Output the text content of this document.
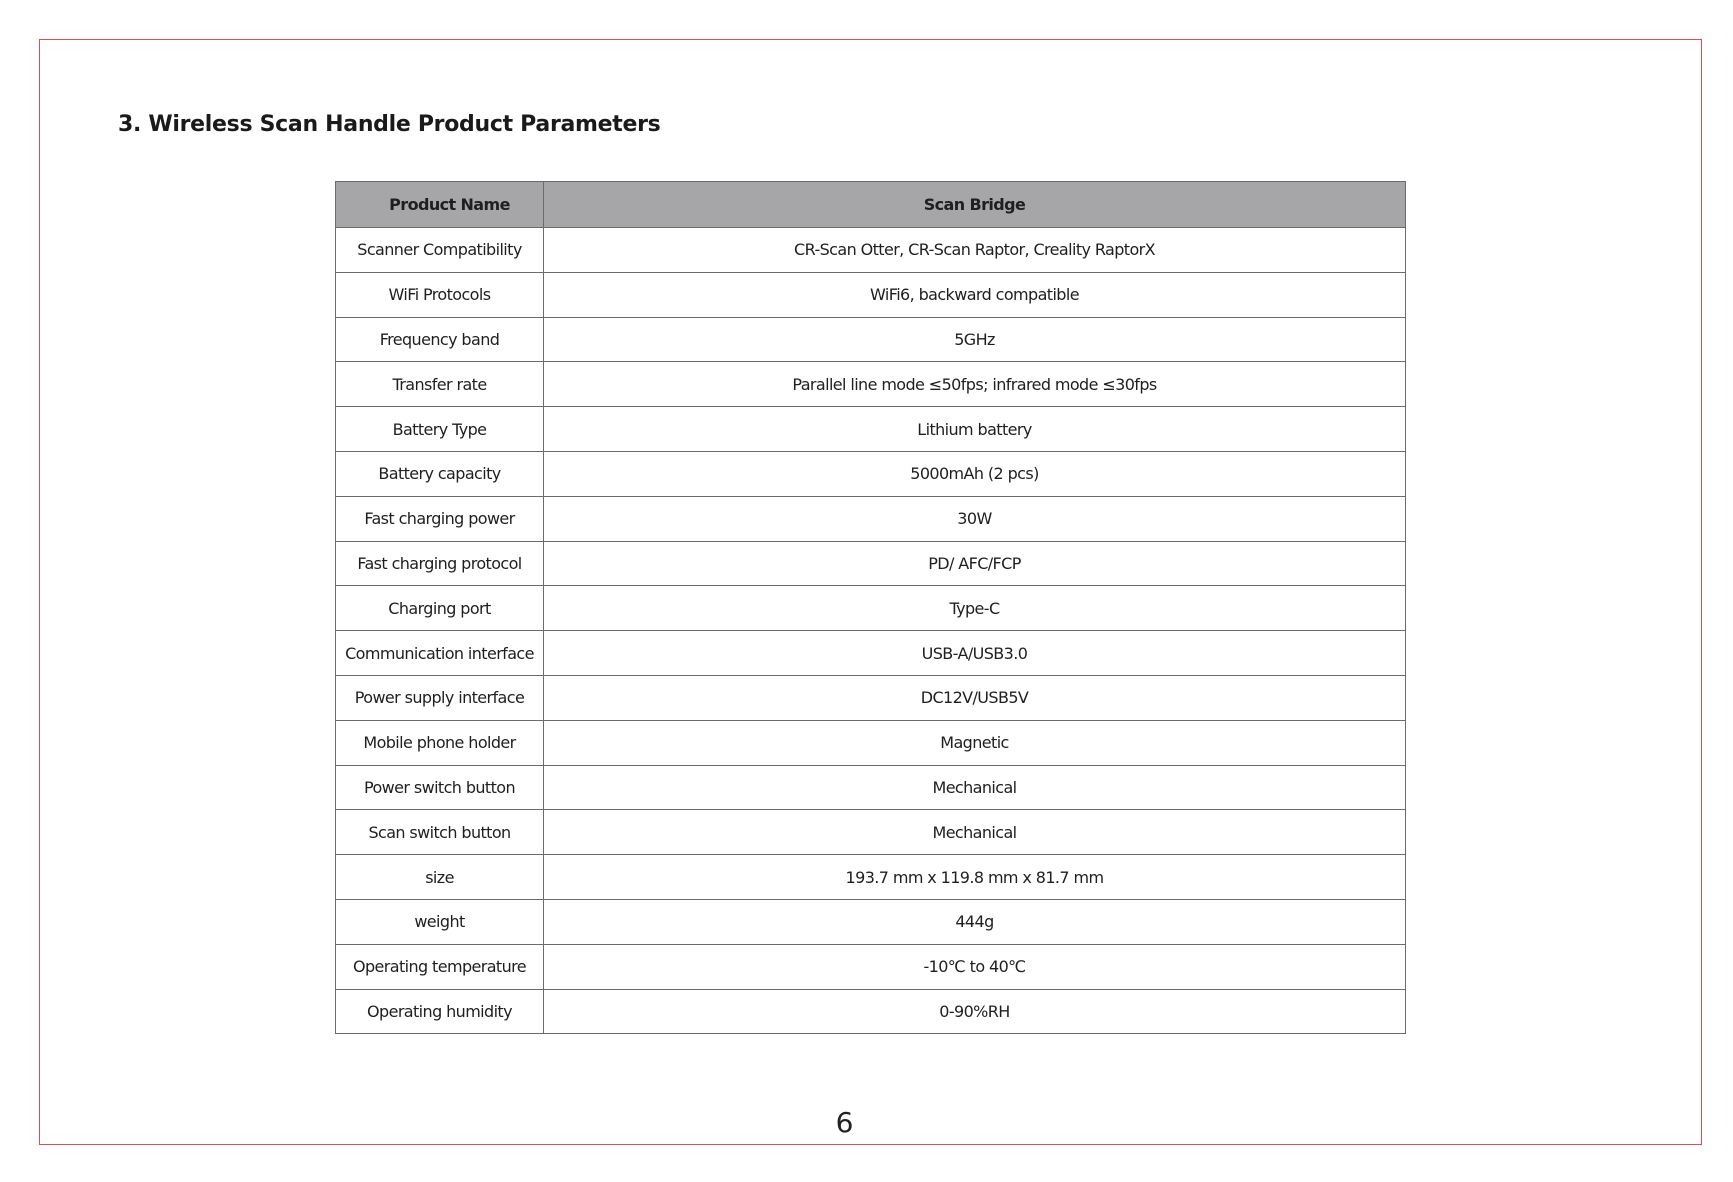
3. Wireless Scan Handle Product Parameters
Product Name	Scan Bridge
Scanner Compatibility	CR-Scan Otter, CR-Scan Raptor, Creality RaptorX
WiFi Protocols	WiFi6, backward compatible
Frequency band	5GHz
Transfer rate	Parallel line mode ≤50fps; infrared mode ≤30fps
Battery Type	Lithium battery
Battery capacity	5000mAh (2 pcs)
Fast charging power	30W
Fast charging protocol	PD/ AFC/FCP
Charging port	Type-C
Communication interface	USB-A/USB3.0
Power supply interface	DC12V/USB5V
Mobile phone holder	Magnetic
Power switch button	Mechanical
Scan switch button	Mechanical
size	193.7 mm x 119.8 mm x 81.7 mm
weight	444g
Operating temperature	-10℃ to 40℃
Operating humidity	0-90%RH
6
